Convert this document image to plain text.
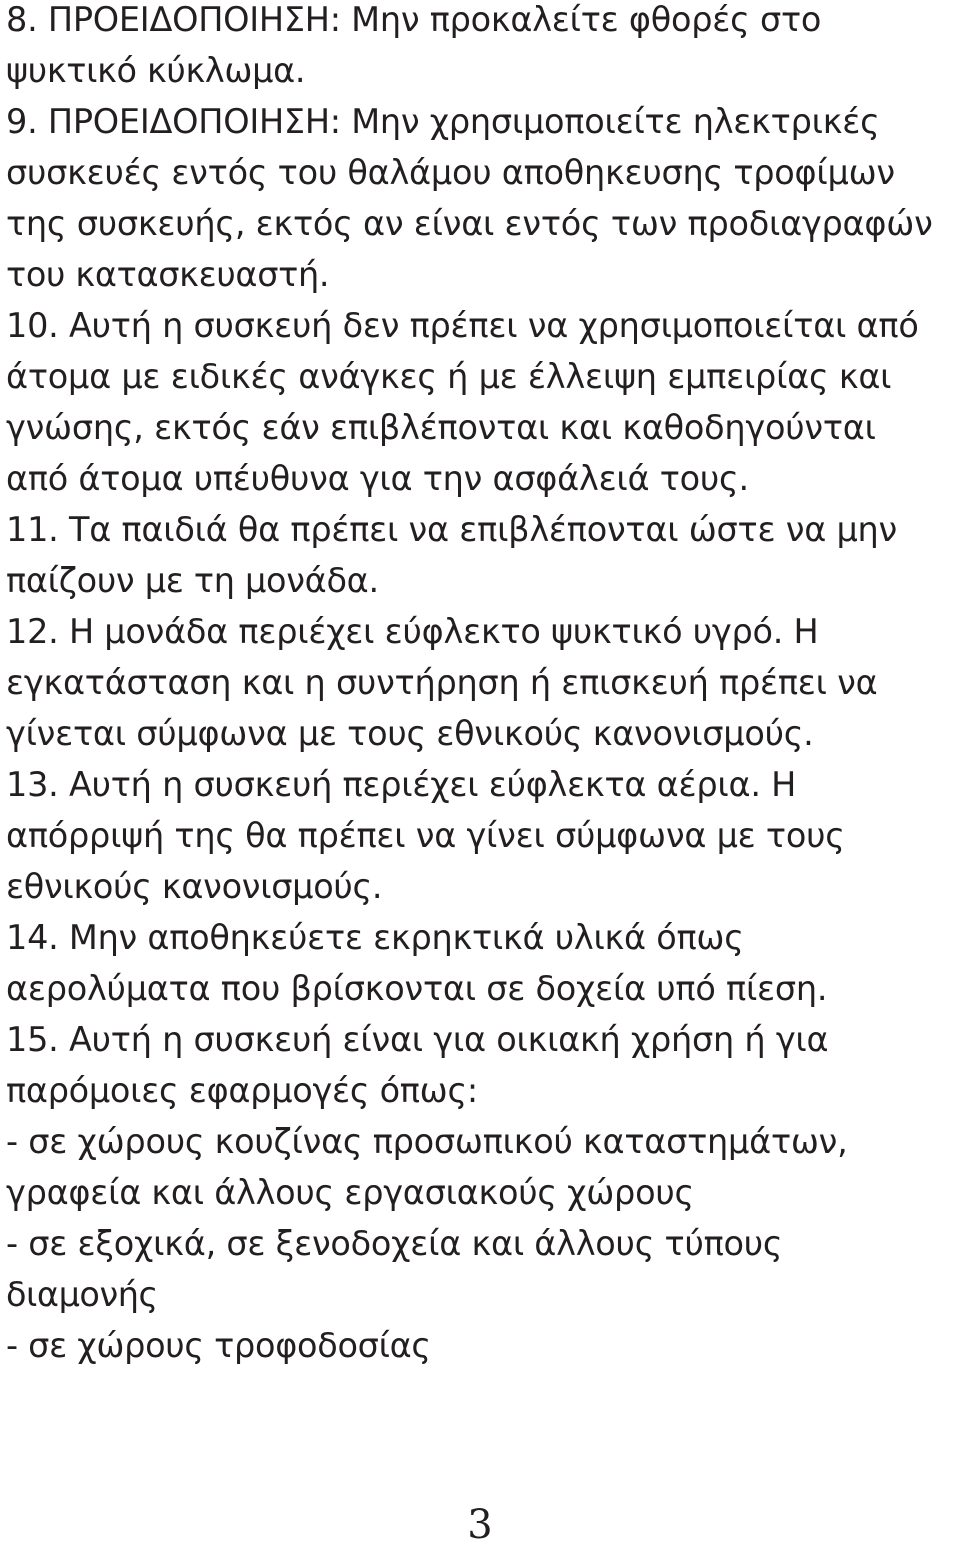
8. ΠΡΟΕΙΔΟΠΟΙΗΣΗ: Μην προκαλείτε φθορές στο
ψυκτικό κύκλωμα.
9. ΠΡΟΕΙΔΟΠΟΙΗΣΗ: Μην χρησιμοποιείτε ηλεκτρικές
συσκευές εντός του θαλάμου αποθηκευσης τροφίμων
της συσκευής, εκτός αν είναι εντός των προδιαγραφών
του κατασκευαστή.
10. Αυτή η συσκευή δεν πρέπει να χρησιμοποιείται από
άτομα με ειδικές ανάγκες ή με έλλειψη εμπειρίας και
γνώσης, εκτός εάν επιβλέπονται και καθοδηγούνται
από άτομα υπέυθυνα για την ασφάλειά τους.
11. Τα παιδιά θα πρέπει να επιβλέπονται ώστε να μην
παίζουν με τη μονάδα.
12. Η μονάδα περιέχει εύφλεκτο ψυκτικό υγρό. Η
εγκατάσταση και η συντήρηση ή επισκευή πρέπει να
γίνεται σύμφωνα με τους εθνικούς κανονισμούς.
13. Αυτή η συσκευή περιέχει εύφλεκτα αέρια. Η
απόρριψή της θα πρέπει να γίνει σύμφωνα με τους
εθνικούς κανονισμούς.
14. Μην αποθηκεύετε εκρηκτικά υλικά όπως
αερολύματα που βρίσκονται σε δοχεία υπό πίεση.
15. Αυτή η συσκευή είναι για οικιακή χρήση ή για
παρόμοιες εφαρμογές όπως:
- σε χώρους κουζίνας προσωπικού καταστημάτων,
γραφεία και άλλους εργασιακούς χώρους
- σε εξοχικά, σε ξενοδοχεία και άλλους τύπους
διαμονής
- σε χώρους τροφοδοσίας
3
